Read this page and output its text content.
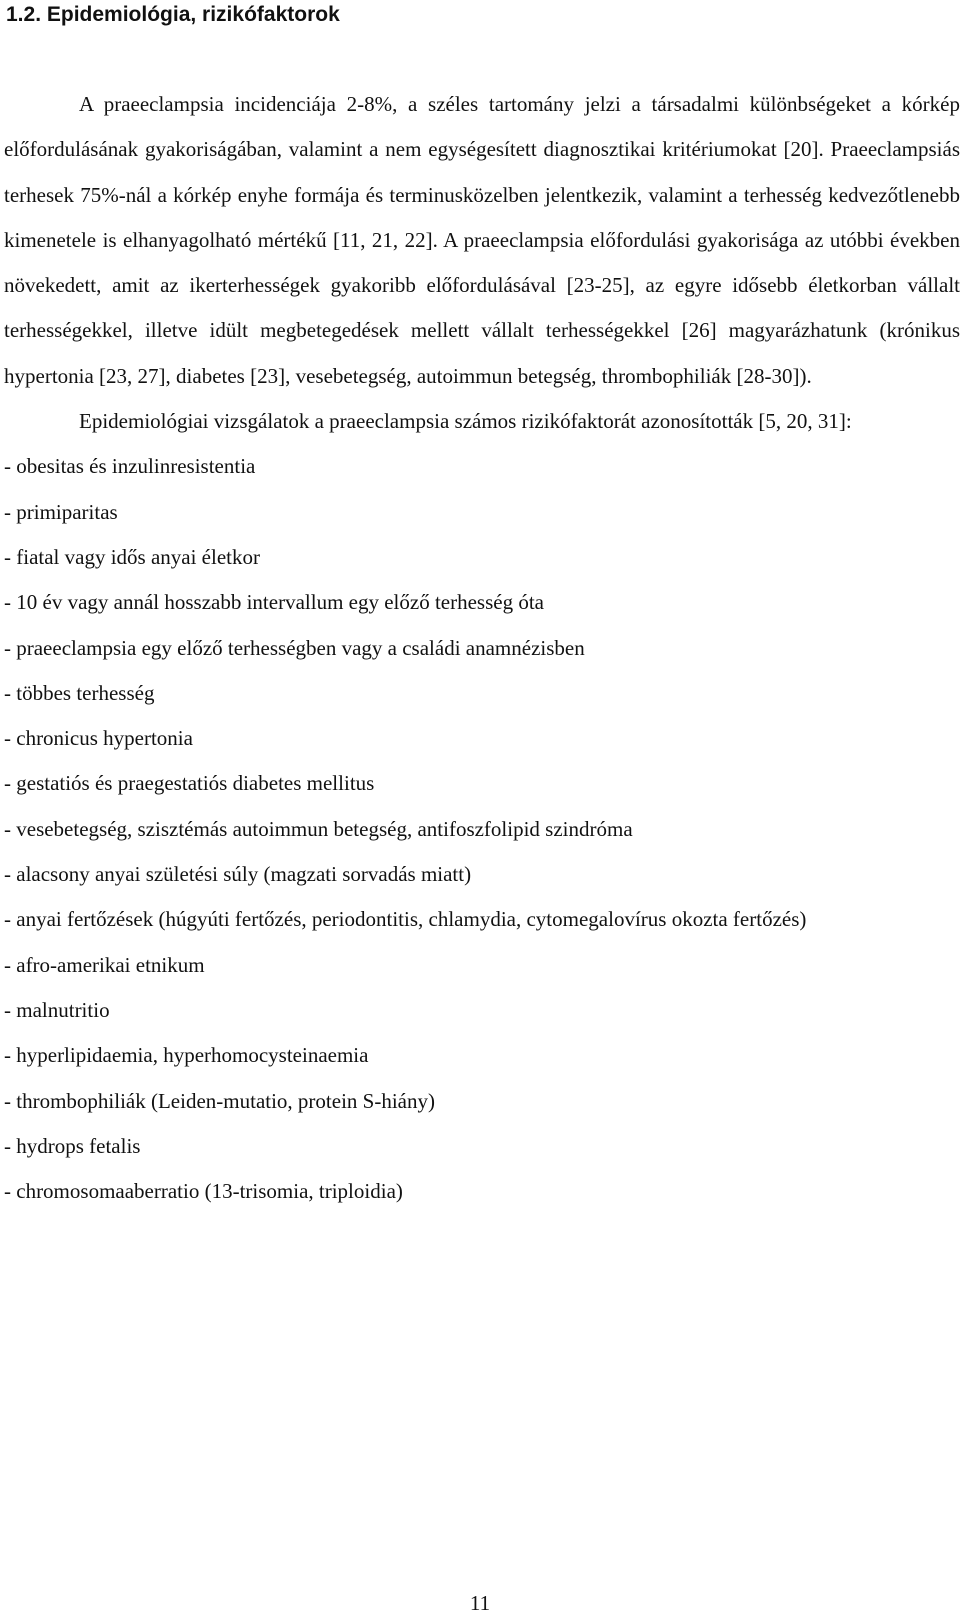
1.2. Epidemiológia, rizikófaktorok

A praeeclampsia incidenciája 2-8%, a széles tartomány jelzi a társadalmi különbségeket a kórkép előfordulásának gyakoriságában, valamint a nem egységesített diagnosztikai kritériumokat [20]. Praeeclampsiás terhesek 75%-nál a kórkép enyhe formája és terminusközelben jelentkezik, valamint a terhesség kedvezőtlenebb kimenetele is elhanyagolható mértékű [11, 21, 22]. A praeeclampsia előfordulási gyakorisága az utóbbi években növekedett, amit az ikerterhességek gyakoribb előfordulásával [23-25], az egyre idősebb életkorban vállalt terhességekkel, illetve idült megbetegedések mellett vállalt terhességekkel [26] magyarázhatunk (krónikus hypertonia [23, 27], diabetes [23], vesebetegség, autoimmun betegség, thrombophiliák [28-30]).

Epidemiológiai vizsgálatok a praeeclampsia számos rizikófaktorát azonosították [5, 20, 31]:

- obesitas és inzulinresistentia
- primiparitas
- fiatal vagy idős anyai életkor
- 10 év vagy annál hosszabb intervallum egy előző terhesség óta
- praeeclampsia egy előző terhességben vagy a családi anamnézisben
- többes terhesség
- chronicus hypertonia
- gestatiós és praegestatiós diabetes mellitus
- vesebetegség, szisztémás autoimmun betegség, antifoszfolipid szindróma
- alacsony anyai születési súly (magzati sorvadás miatt)
- anyai fertőzések (húgyúti fertőzés, periodontitis, chlamydia, cytomegalovírus okozta fertőzés)
- afro-amerikai etnikum
- malnutritio
- hyperlipidaemia, hyperhomocysteinaemia
- thrombophiliák (Leiden-mutatio, protein S-hiány)
- hydrops fetalis
- chromosomaaberratio (13-trisomia, triploidia)
11
